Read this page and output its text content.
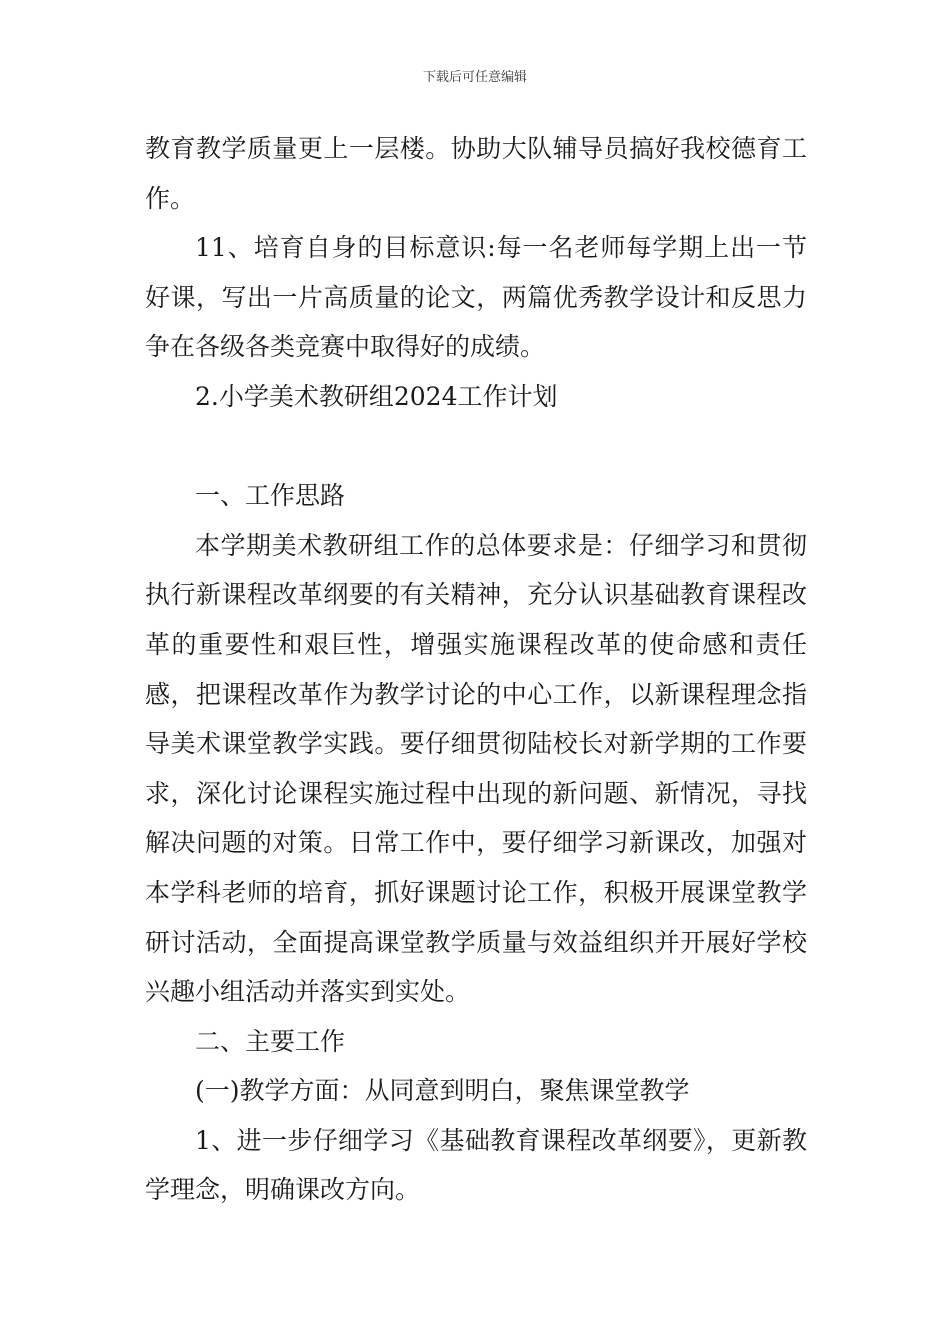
下载后可任意编辑

教育教学质量更上一层楼。协助大队辅导员搞好我校德育工作。

11、培育自身的目标意识:每一名老师每学期上出一节好课，写出一片高质量的论文，两篇优秀教学设计和反思力争在各级各类竞赛中取得好的成绩。

2.小学美术教研组2024工作计划

一、工作思路

本学期美术教研组工作的总体要求是：仔细学习和贯彻执行新课程改革纲要的有关精神，充分认识基础教育课程改革的重要性和艰巨性，增强实施课程改革的使命感和责任感，把课程改革作为教学讨论的中心工作，以新课程理念指导美术课堂教学实践。要仔细贯彻陆校长对新学期的工作要求，深化讨论课程实施过程中出现的新问题、新情况，寻找解决问题的对策。日常工作中，要仔细学习新课改，加强对本学科老师的培育，抓好课题讨论工作，积极开展课堂教学研讨活动，全面提高课堂教学质量与效益组织并开展好学校兴趣小组活动并落实到实处。

二、主要工作

(一)教学方面：从同意到明白，聚焦课堂教学

1、进一步仔细学习《基础教育课程改革纲要》，更新教学理念，明确课改方向。
